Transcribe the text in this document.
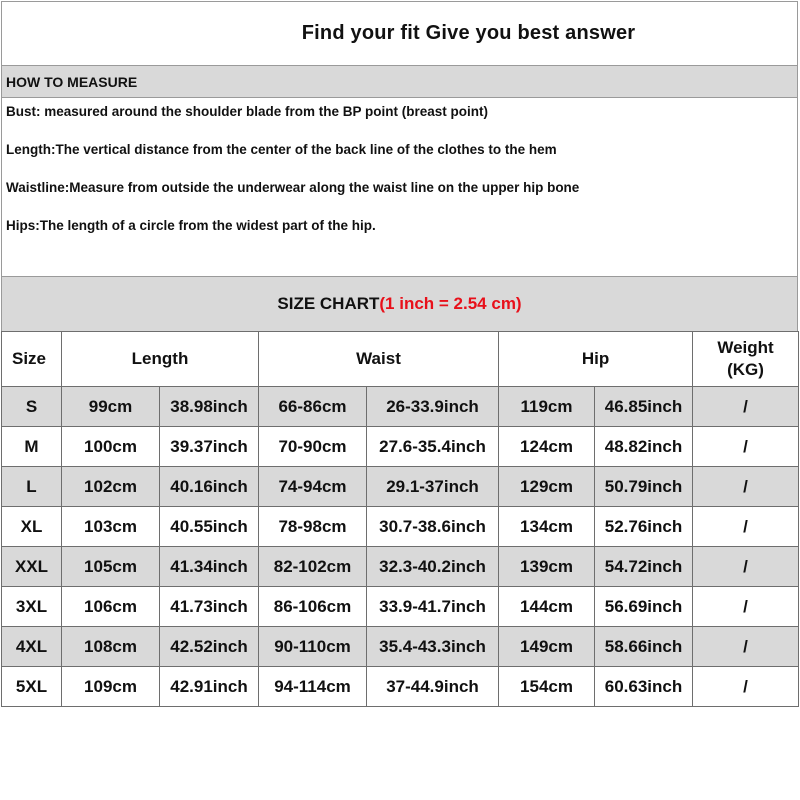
Find your fit Give you best answer
HOW TO MEASURE
Bust: measured around the shoulder blade from the BP point (breast point)
Length:The vertical distance from the center of the back line of the clothes to the hem
Waistline:Measure from outside the underwear along the waist line on the upper hip bone
Hips:The length of a circle from the widest part of the hip.
SIZE CHART (1 inch = 2.54 cm)
Size	Length		Waist		Hip		Weight
(KG)
S	99cm	38.98inch	66-86cm	26-33.9inch	119cm	46.85inch	/
M	100cm	39.37inch	70-90cm	27.6-35.4inch	124cm	48.82inch	/
L	102cm	40.16inch	74-94cm	29.1-37inch	129cm	50.79inch	/
XL	103cm	40.55inch	78-98cm	30.7-38.6inch	134cm	52.76inch	/
XXL	105cm	41.34inch	82-102cm	32.3-40.2inch	139cm	54.72inch	/
3XL	106cm	41.73inch	86-106cm	33.9-41.7inch	144cm	56.69inch	/
4XL	108cm	42.52inch	90-110cm	35.4-43.3inch	149cm	58.66inch	/
5XL	109cm	42.91inch	94-114cm	37-44.9inch	154cm	60.63inch	/
